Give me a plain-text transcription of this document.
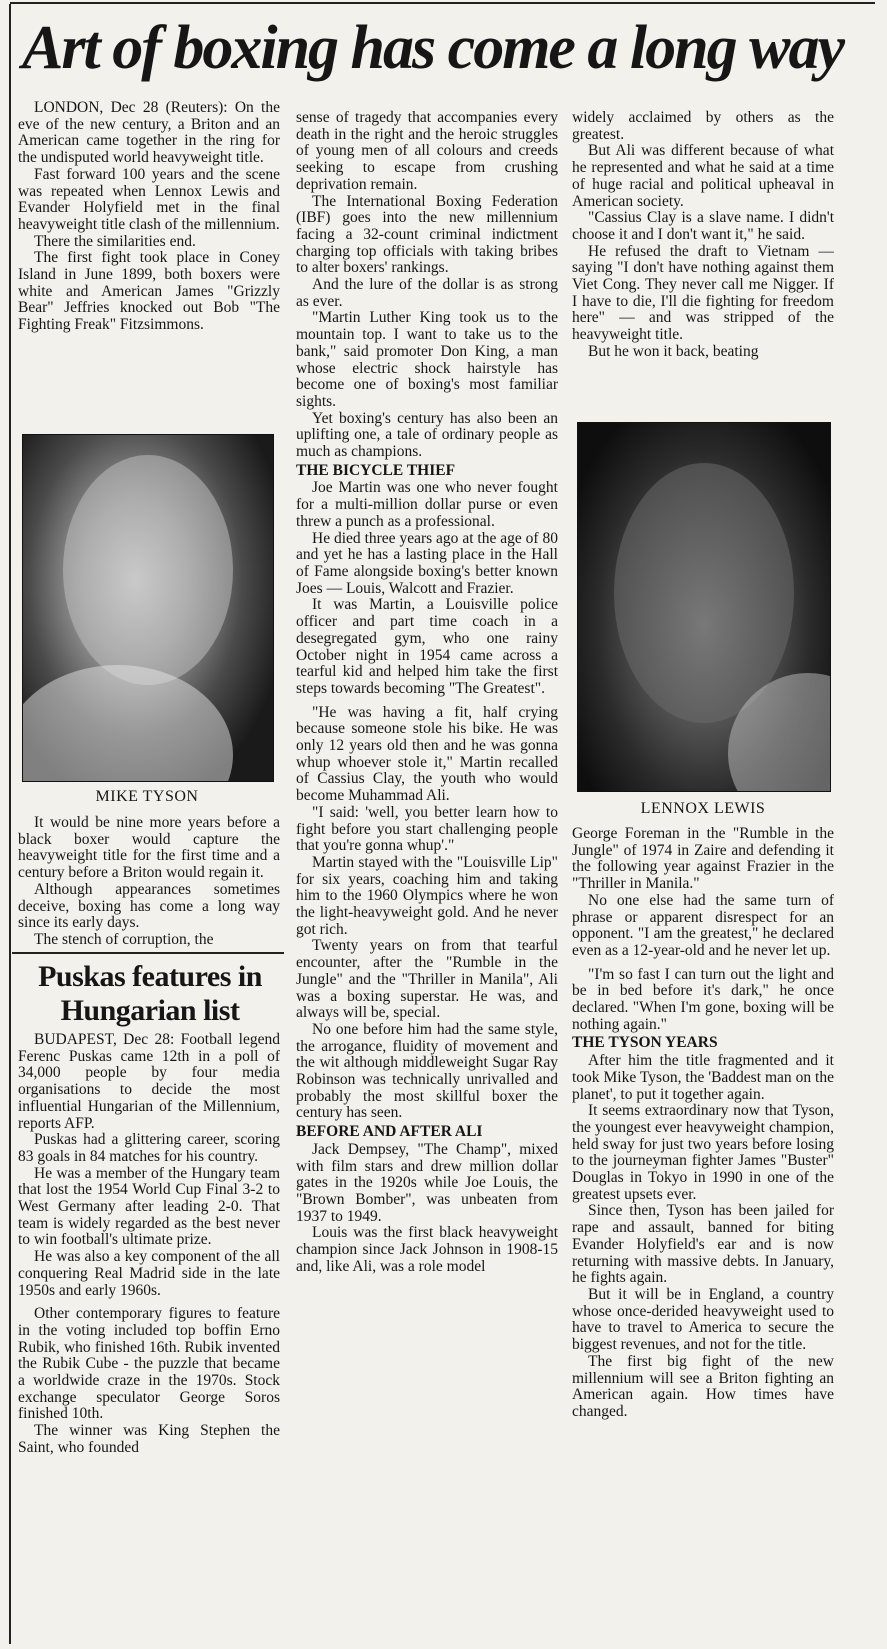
Art of boxing has come a long way

LONDON, Dec 28 (Reuters): On the eve of the new century, a Briton and an American came together in the ring for the undisputed world heavyweight title.

Fast forward 100 years and the scene was repeated when Lennox Lewis and Evander Holyfield met in the final heavyweight title clash of the millennium.

There the similarities end.

The first fight took place in Coney Island in June 1899, both boxers were white and American James "Grizzly Bear" Jeffries knocked out Bob "The Fighting Freak" Fitzsimmons.

MIKE TYSON

It would be nine more years before a black boxer would capture the heavyweight title for the first time and a century before a Briton would regain it.

Although appearances sometimes deceive, boxing has come a long way since its early days.

The stench of corruption, the

Puskas features in Hungarian list

BUDAPEST, Dec 28: Football legend Ferenc Puskas came 12th in a poll of 34,000 people by four media organisations to decide the most influential Hungarian of the Millennium, reports AFP.

Puskas had a glittering career, scoring 83 goals in 84 matches for his country.

He was a member of the Hungary team that lost the 1954 World Cup Final 3-2 to West Germany after leading 2-0. That team is widely regarded as the best never to win football's ultimate prize.

He was also a key component of the all conquering Real Madrid side in the late 1950s and early 1960s.

Other contemporary figures to feature in the voting included top boffin Erno Rubik, who finished 16th. Rubik invented the Rubik Cube - the puzzle that became a worldwide craze in the 1970s. Stock exchange speculator George Soros finished 10th.

The winner was King Stephen the Saint, who founded

sense of tragedy that accompanies every death in the right and the heroic struggles of young men of all colours and creeds seeking to escape from crushing deprivation remain.

The International Boxing Federation (IBF) goes into the new millennium facing a 32-count criminal indictment charging top officials with taking bribes to alter boxers' rankings.

And the lure of the dollar is as strong as ever.

"Martin Luther King took us to the mountain top. I want to take us to the bank," said promoter Don King, a man whose electric shock hairstyle has become one of boxing's most familiar sights.

Yet boxing's century has also been an uplifting one, a tale of ordinary people as much as champions.

THE BICYCLE THIEF

Joe Martin was one who never fought for a multi-million dollar purse or even threw a punch as a professional.

He died three years ago at the age of 80 and yet he has a lasting place in the Hall of Fame alongside boxing's better known Joes — Louis, Walcott and Frazier.

It was Martin, a Louisville police officer and part time coach in a desegregated gym, who one rainy October night in 1954 came across a tearful kid and helped him take the first steps towards becoming "The Greatest".

"He was having a fit, half crying because someone stole his bike. He was only 12 years old then and he was gonna whup whoever stole it," Martin recalled of Cassius Clay, the youth who would become Muhammad Ali.

"I said: 'well, you better learn how to fight before you start challenging people that you're gonna whup'."

Martin stayed with the "Louisville Lip" for six years, coaching him and taking him to the 1960 Olympics where he won the light-heavyweight gold. And he never got rich.

Twenty years on from that tearful encounter, after the "Rumble in the Jungle" and the "Thriller in Manila", Ali was a boxing superstar. He was, and always will be, special.

No one before him had the same style, the arrogance, fluidity of movement and the wit although middleweight Sugar Ray Robinson was technically unrivalled and probably the most skillful boxer the century has seen.

BEFORE AND AFTER ALI

Jack Dempsey, "The Champ", mixed with film stars and drew million dollar gates in the 1920s while Joe Louis, the "Brown Bomber", was unbeaten from 1937 to 1949.

Louis was the first black heavyweight champion since Jack Johnson in 1908-15 and, like Ali, was a role model

widely acclaimed by others as the greatest.

But Ali was different because of what he represented and what he said at a time of huge racial and political upheaval in American society.

"Cassius Clay is a slave name. I didn't choose it and I don't want it," he said.

He refused the draft to Vietnam — saying "I don't have nothing against them Viet Cong. They never call me Nigger. If I have to die, I'll die fighting for freedom here" — and was stripped of the heavyweight title.

But he won it back, beating

LENNOX LEWIS

George Foreman in the "Rumble in the Jungle" of 1974 in Zaire and defending it the following year against Frazier in the "Thriller in Manila."

No one else had the same turn of phrase or apparent disrespect for an opponent. "I am the greatest," he declared even as a 12-year-old and he never let up.

"I'm so fast I can turn out the light and be in bed before it's dark," he once declared. "When I'm gone, boxing will be nothing again."

THE TYSON YEARS

After him the title fragmented and it took Mike Tyson, the 'Baddest man on the planet', to put it together again.

It seems extraordinary now that Tyson, the youngest ever heavyweight champion, held sway for just two years before losing to the journeyman fighter James "Buster" Douglas in Tokyo in 1990 in one of the greatest upsets ever.

Since then, Tyson has been jailed for rape and assault, banned for biting Evander Holyfield's ear and is now returning with massive debts. In January, he fights again.

But it will be in England, a country whose once-derided heavyweight used to have to travel to America to secure the biggest revenues, and not for the title.

The first big fight of the new millennium will see a Briton fighting an American again. How times have changed.
